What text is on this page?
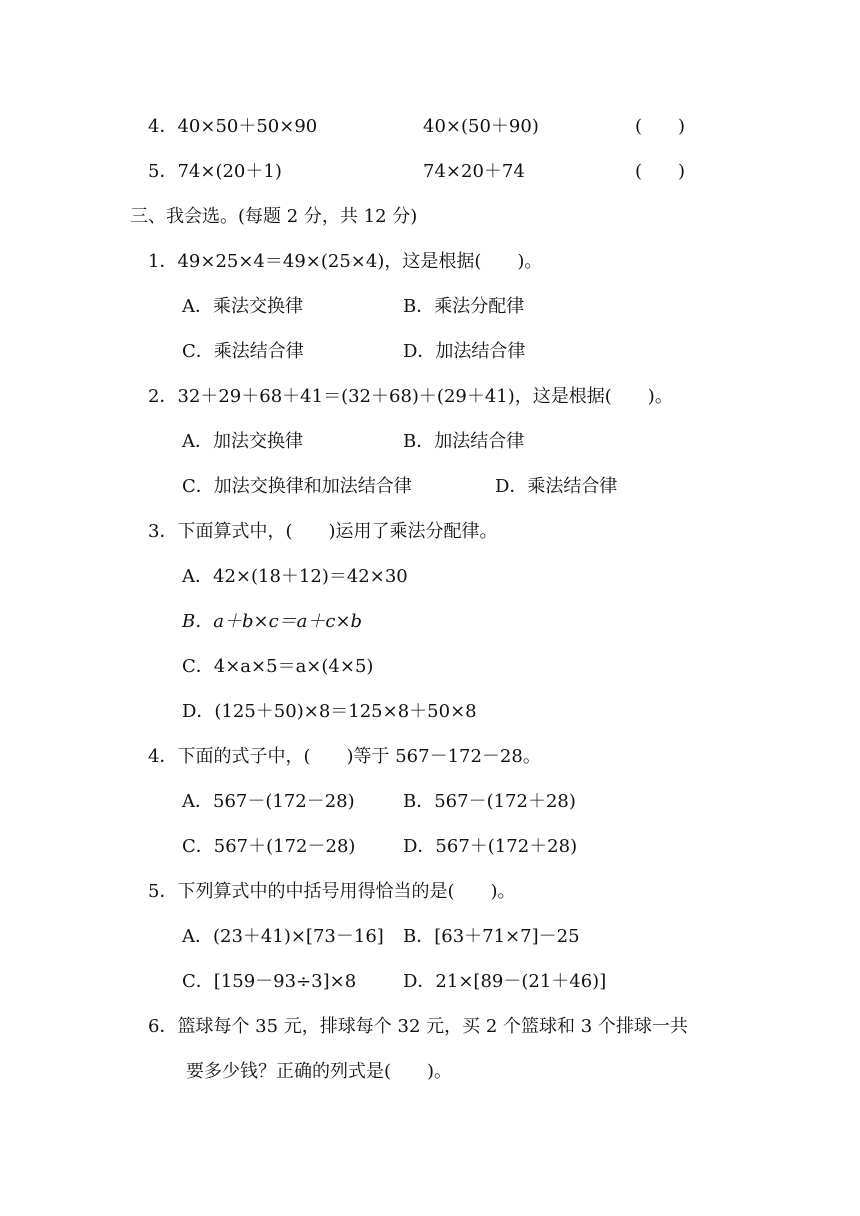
4．40×50＋50×90	40×(50＋90)	(　　)
5．74×(20＋1)	74×20＋74	(　　)
三、我会选。(每题 2 分，共 12 分)
1．49×25×4＝49×(25×4)，这是根据(　　)。
A．乘法交换律	B．乘法分配律
C．乘法结合律	D．加法结合律
2．32＋29＋68＋41＝(32＋68)＋(29＋41)，这是根据(　　)。
A．加法交换律	B．加法结合律
C．加法交换律和加法结合律	D．乘法结合律
3．下面算式中，(　　)运用了乘法分配律。
A．42×(18＋12)＝42×30
B．a＋b×c＝a＋c×b
C．4×a×5＝a×(4×5)
D．(125＋50)×8＝125×8＋50×8
4．下面的式子中，(　　)等于 567－172－28。
A．567－(172－28)	B．567－(172＋28)
C．567＋(172－28)	D．567＋(172＋28)
5．下列算式中的中括号用得恰当的是(　　)。
A．(23＋41)×[73－16] B．[63＋71×7]－25
C．[159－93÷3]×8	D．21×[89－(21＋46)]
6．篮球每个 35 元，排球每个 32 元，买 2 个篮球和 3 个排球一共
要多少钱？正确的列式是(　　)。
